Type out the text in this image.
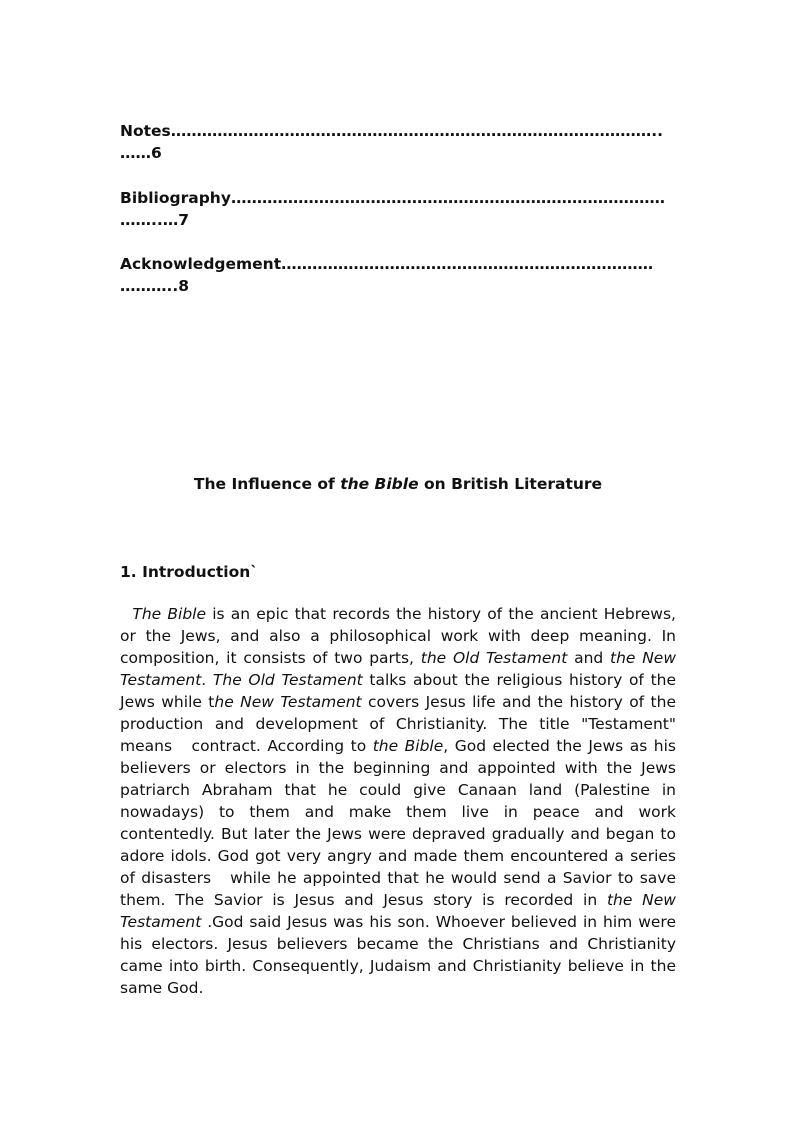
Notes…………………………………………………………………………………..
……6
Bibliography…………………………………………………………………………
……..…7
Acknowledgement………………………………………………………………
………..8
The Influence of the Bible on British Literature
1. Introduction`
The Bible is an epic that records the history of the ancient Hebrews,
or the Jews, and also a philosophical work with deep meaning. In
composition, it consists of two parts, the Old Testament and the New
Testament. The Old Testament talks about the religious history of the
Jews while the New Testament covers Jesus life and the history of the
production and development of Christianity. The title "Testament"
means   contract. According to the Bible, God elected the Jews as his
believers or electors in the beginning and appointed with the Jews
patriarch Abraham that he could give Canaan land (Palestine in
nowadays) to them and make them live in peace and work
contentedly. But later the Jews were depraved gradually and began to
adore idols. God got very angry and made them encountered a series
of disasters   while he appointed that he would send a Savior to save
them. The Savior is Jesus and Jesus story is recorded in the New
Testament .God said Jesus was his son. Whoever believed in him were
his electors. Jesus believers became the Christians and Christianity
came into birth. Consequently, Judaism and Christianity believe in the
same God.
